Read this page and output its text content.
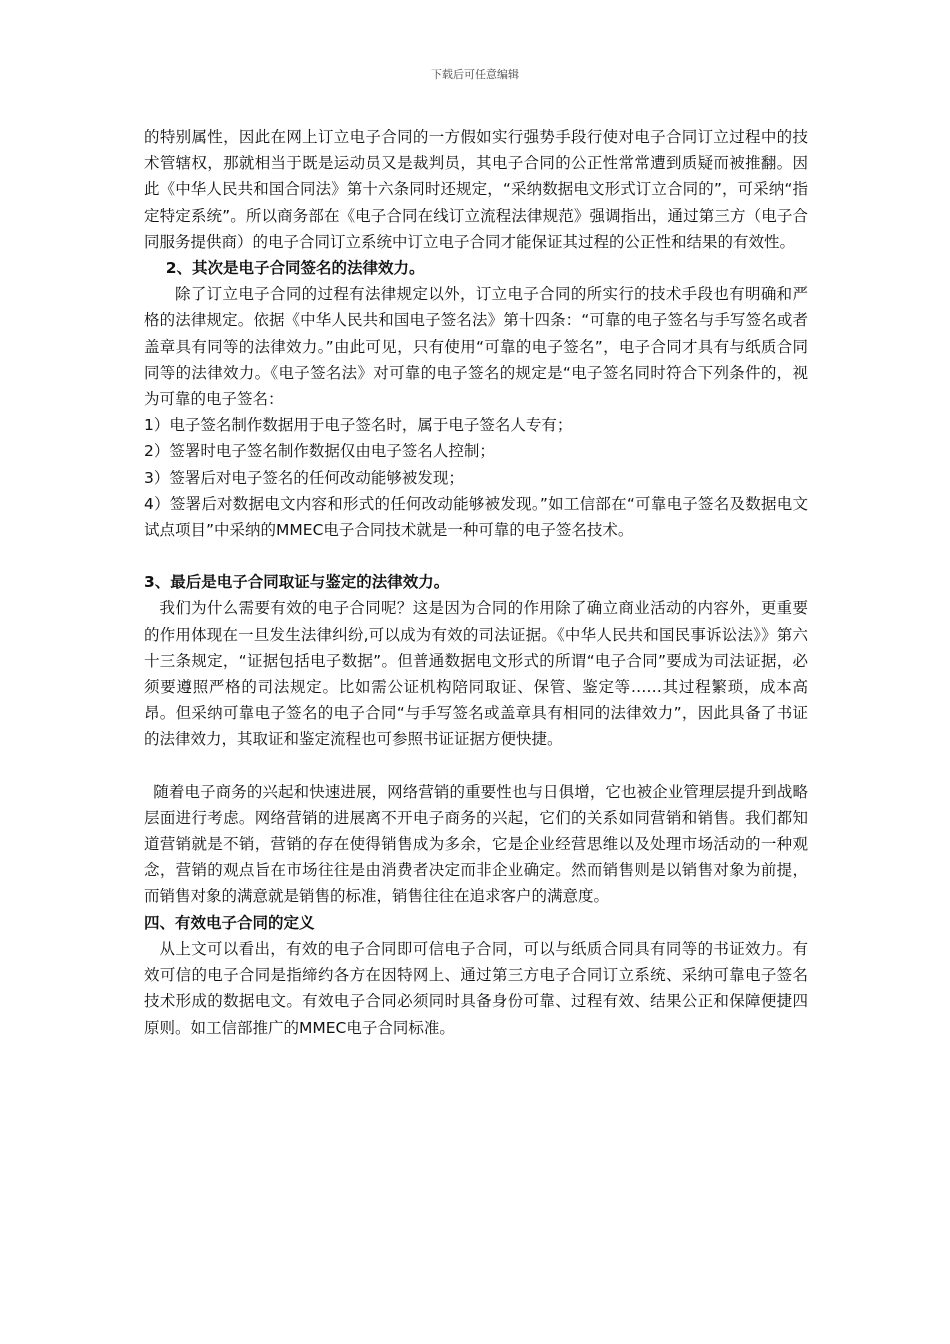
下载后可任意编辑

的特别属性，因此在网上订立电子合同的一方假如实行强势手段行使对电子合同订立过程中的技术管辖权，那就相当于既是运动员又是裁判员，其电子合同的公正性常常遭到质疑而被推翻。因此《中华人民共和国合同法》第十六条同时还规定，“采纳数据电文形式订立合同的”，可采纳“指定特定系统”。所以商务部在《电子合同在线订立流程法律规范》强调指出，通过第三方（电子合同服务提供商）的电子合同订立系统中订立电子合同才能保证其过程的公正性和结果的有效性。

2、其次是电子合同签名的法律效力。

除了订立电子合同的过程有法律规定以外，订立电子合同的所实行的技术手段也有明确和严格的法律规定。依据《中华人民共和国电子签名法》第十四条：“可靠的电子签名与手写签名或者盖章具有同等的法律效力。”由此可见，只有使用“可靠的电子签名”，电子合同才具有与纸质合同同等的法律效力。《电子签名法》对可靠的电子签名的规定是“电子签名同时符合下列条件的，视为可靠的电子签名：

1）电子签名制作数据用于电子签名时，属于电子签名人专有；

2）签署时电子签名制作数据仅由电子签名人控制；

3）签署后对电子签名的任何改动能够被发现；

4）签署后对数据电文内容和形式的任何改动能够被发现。”如工信部在“可靠电子签名及数据电文试点项目”中采纳的MMEC电子合同技术就是一种可靠的电子签名技术。

3、最后是电子合同取证与鉴定的法律效力。

我们为什么需要有效的电子合同呢？这是因为合同的作用除了确立商业活动的内容外，更重要的作用体现在一旦发生法律纠纷,可以成为有效的司法证据。《中华人民共和国民事诉讼法》》第六十三条规定，“证据包括电子数据”。但普通数据电文形式的所谓“电子合同”要成为司法证据，必须要遵照严格的司法规定。比如需公证机构陪同取证、保管、鉴定等……其过程繁琐，成本高昂。但采纳可靠电子签名的电子合同“与手写签名或盖章具有相同的法律效力”，因此具备了书证的法律效力，其取证和鉴定流程也可参照书证证据方便快捷。

随着电子商务的兴起和快速进展，网络营销的重要性也与日俱增，它也被企业管理层提升到战略层面进行考虑。网络营销的进展离不开电子商务的兴起，它们的关系如同营销和销售。我们都知道营销就是不销，营销的存在使得销售成为多余，它是企业经营思维以及处理市场活动的一种观念，营销的观点旨在市场往往是由消费者决定而非企业确定。然而销售则是以销售对象为前提，而销售对象的满意就是销售的标准，销售往往在追求客户的满意度。

四、有效电子合同的定义

从上文可以看出，有效的电子合同即可信电子合同，可以与纸质合同具有同等的书证效力。有效可信的电子合同是指缔约各方在因特网上、通过第三方电子合同订立系统、采纳可靠电子签名技术形成的数据电文。有效电子合同必须同时具备身份可靠、过程有效、结果公正和保障便捷四原则。如工信部推广的MMEC电子合同标准。
